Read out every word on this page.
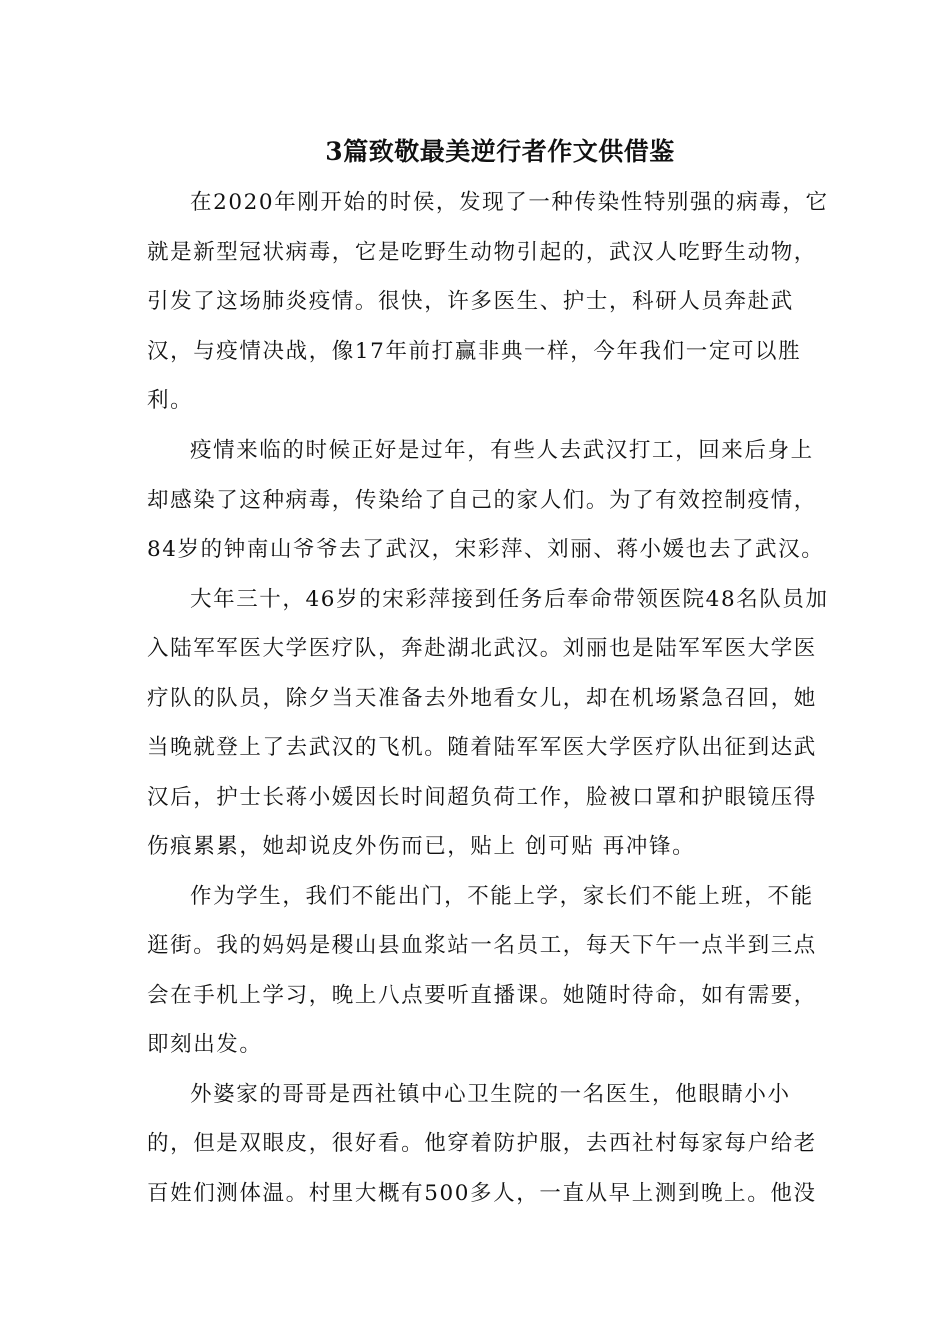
3篇致敬最美逆行者作文供借鉴
在2020年刚开始的时侯，发现了一种传染性特别强的病毒，它
就是新型冠状病毒，它是吃野生动物引起的，武汉人吃野生动物，
引发了这场肺炎疫情。很快，许多医生、护士，科研人员奔赴武
汉，与疫情决战，像17年前打赢非典一样，今年我们一定可以胜
利。
疫情来临的时候正好是过年，有些人去武汉打工，回来后身上
却感染了这种病毒，传染给了自己的家人们。为了有效控制疫情，
84岁的钟南山爷爷去了武汉，宋彩萍、刘丽、蒋小媛也去了武汉。
大年三十，46岁的宋彩萍接到任务后奉命带领医院48名队员加
入陆军军医大学医疗队，奔赴湖北武汉。刘丽也是陆军军医大学医
疗队的队员，除夕当天准备去外地看女儿，却在机场紧急召回，她
当晚就登上了去武汉的飞机。随着陆军军医大学医疗队出征到达武
汉后，护士长蒋小媛因长时间超负荷工作，脸被口罩和护眼镜压得
伤痕累累，她却说皮外伤而已，贴上 创可贴 再冲锋。
作为学生，我们不能出门，不能上学，家长们不能上班，不能
逛街。我的妈妈是稷山县血浆站一名员工，每天下午一点半到三点
会在手机上学习，晚上八点要听直播课。她随时待命，如有需要，
即刻出发。
外婆家的哥哥是西社镇中心卫生院的一名医生，他眼睛小小
的，但是双眼皮，很好看。他穿着防护服，去西社村每家每户给老
百姓们测体温。村里大概有500多人，一直从早上测到晚上。他没
